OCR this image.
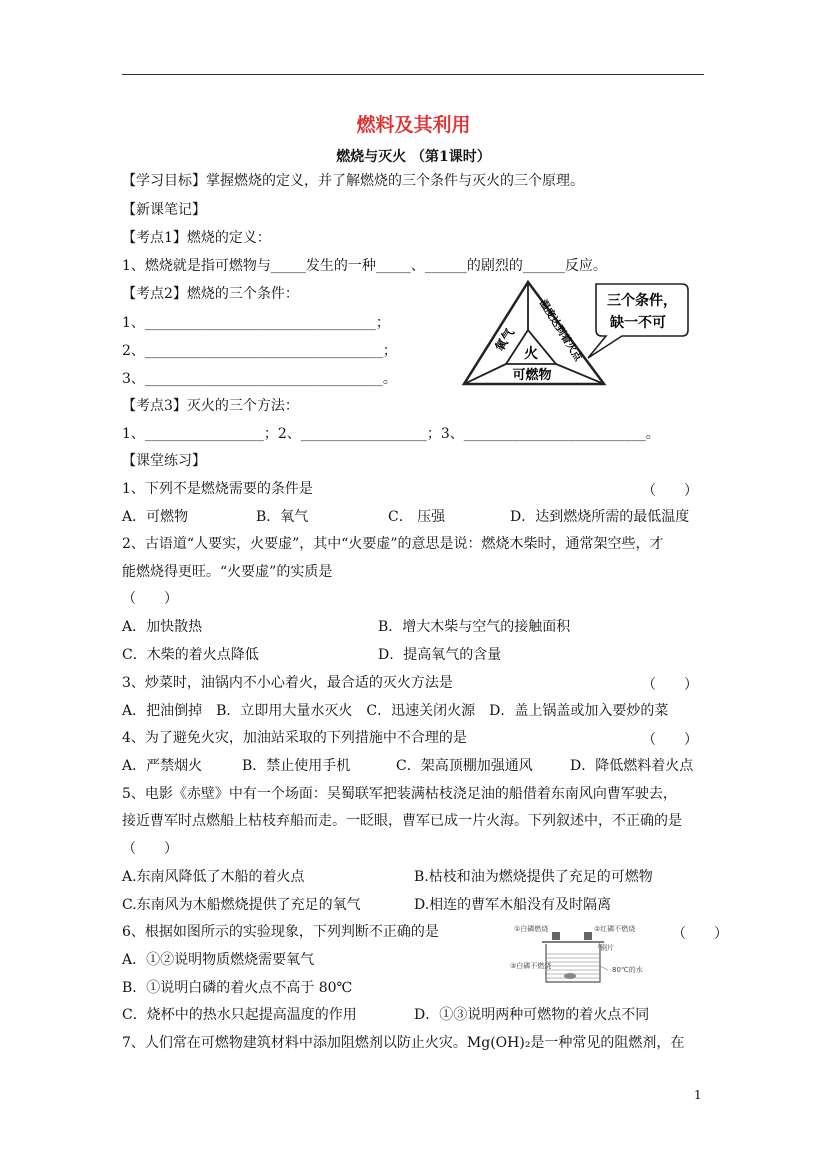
燃料及其利用
燃烧与灭火 （第1课时）
【学习目标】掌握燃烧的定义，并了解燃烧的三个条件与灭火的三个原理。
【新课笔记】
【考点1】燃烧的定义：
1、燃烧就是指可燃物与_____发生的一种_____、______的剧烈的______反应。
【考点2】燃烧的三个条件：
1、_________________________________；
2、__________________________________；
3、__________________________________。
氧气 温度达到着火点
火
可燃物
三个条件，
缺一不可
【考点3】灭火的三个方法：
1、_________________；2、__________________；3、__________________________。
【课堂练习】
1、下列不是燃烧需要的条件是	（　　）
A．可燃物	B．氧气	C． 压强	D．达到燃烧所需的最低温度
2、古语道“人要实，火要虚”，其中“火要虚”的意思是说：燃烧木柴时，通常架空些，才
能燃烧得更旺。“火要虚”的实质是
（　　）
A．加快散热	B．增大木柴与空气的接触面积
C．木柴的着火点降低	D．提高氧气的含量
3、炒菜时，油锅内不小心着火，最合适的灭火方法是	（　　）
A．把油倒掉　B．立即用大量水灭火　C．迅速关闭火源　D．盖上锅盖或加入要炒的菜
4、为了避免火灾，加油站采取的下列措施中不合理的是	（　　）
A．严禁烟火	B．禁止使用手机	C．架高顶棚加强通风	D．降低燃料着火点
5、电影《赤壁》中有一个场面：吴蜀联军把装满枯枝浇足油的船借着东南风向曹军驶去，
接近曹军时点燃船上枯枝弃船而走。一眨眼，曹军已成一片火海。下列叙述中，不正确的是
（　　）
A.东南风降低了木船的着火点	B.枯枝和油为燃烧提供了充足的可燃物
C.东南风为木船燃烧提供了充足的氧气	D.相连的曹军木船没有及时隔离
6、根据如图所示的实验现象，下列判断不正确的是	（　　）
①白磷燃烧	②红磷不燃烧
③白磷不燃烧
铜片
80℃的水
A．①②说明物质燃烧需要氧气
B．①说明白磷的着火点不高于 80℃
C．烧杯中的热水只起提高温度的作用	D．①③说明两种可燃物的着火点不同
7、人们常在可燃物建筑材料中添加阻燃剂以防止火灾。Mg(OH)₂是一种常见的阻燃剂，在
1
